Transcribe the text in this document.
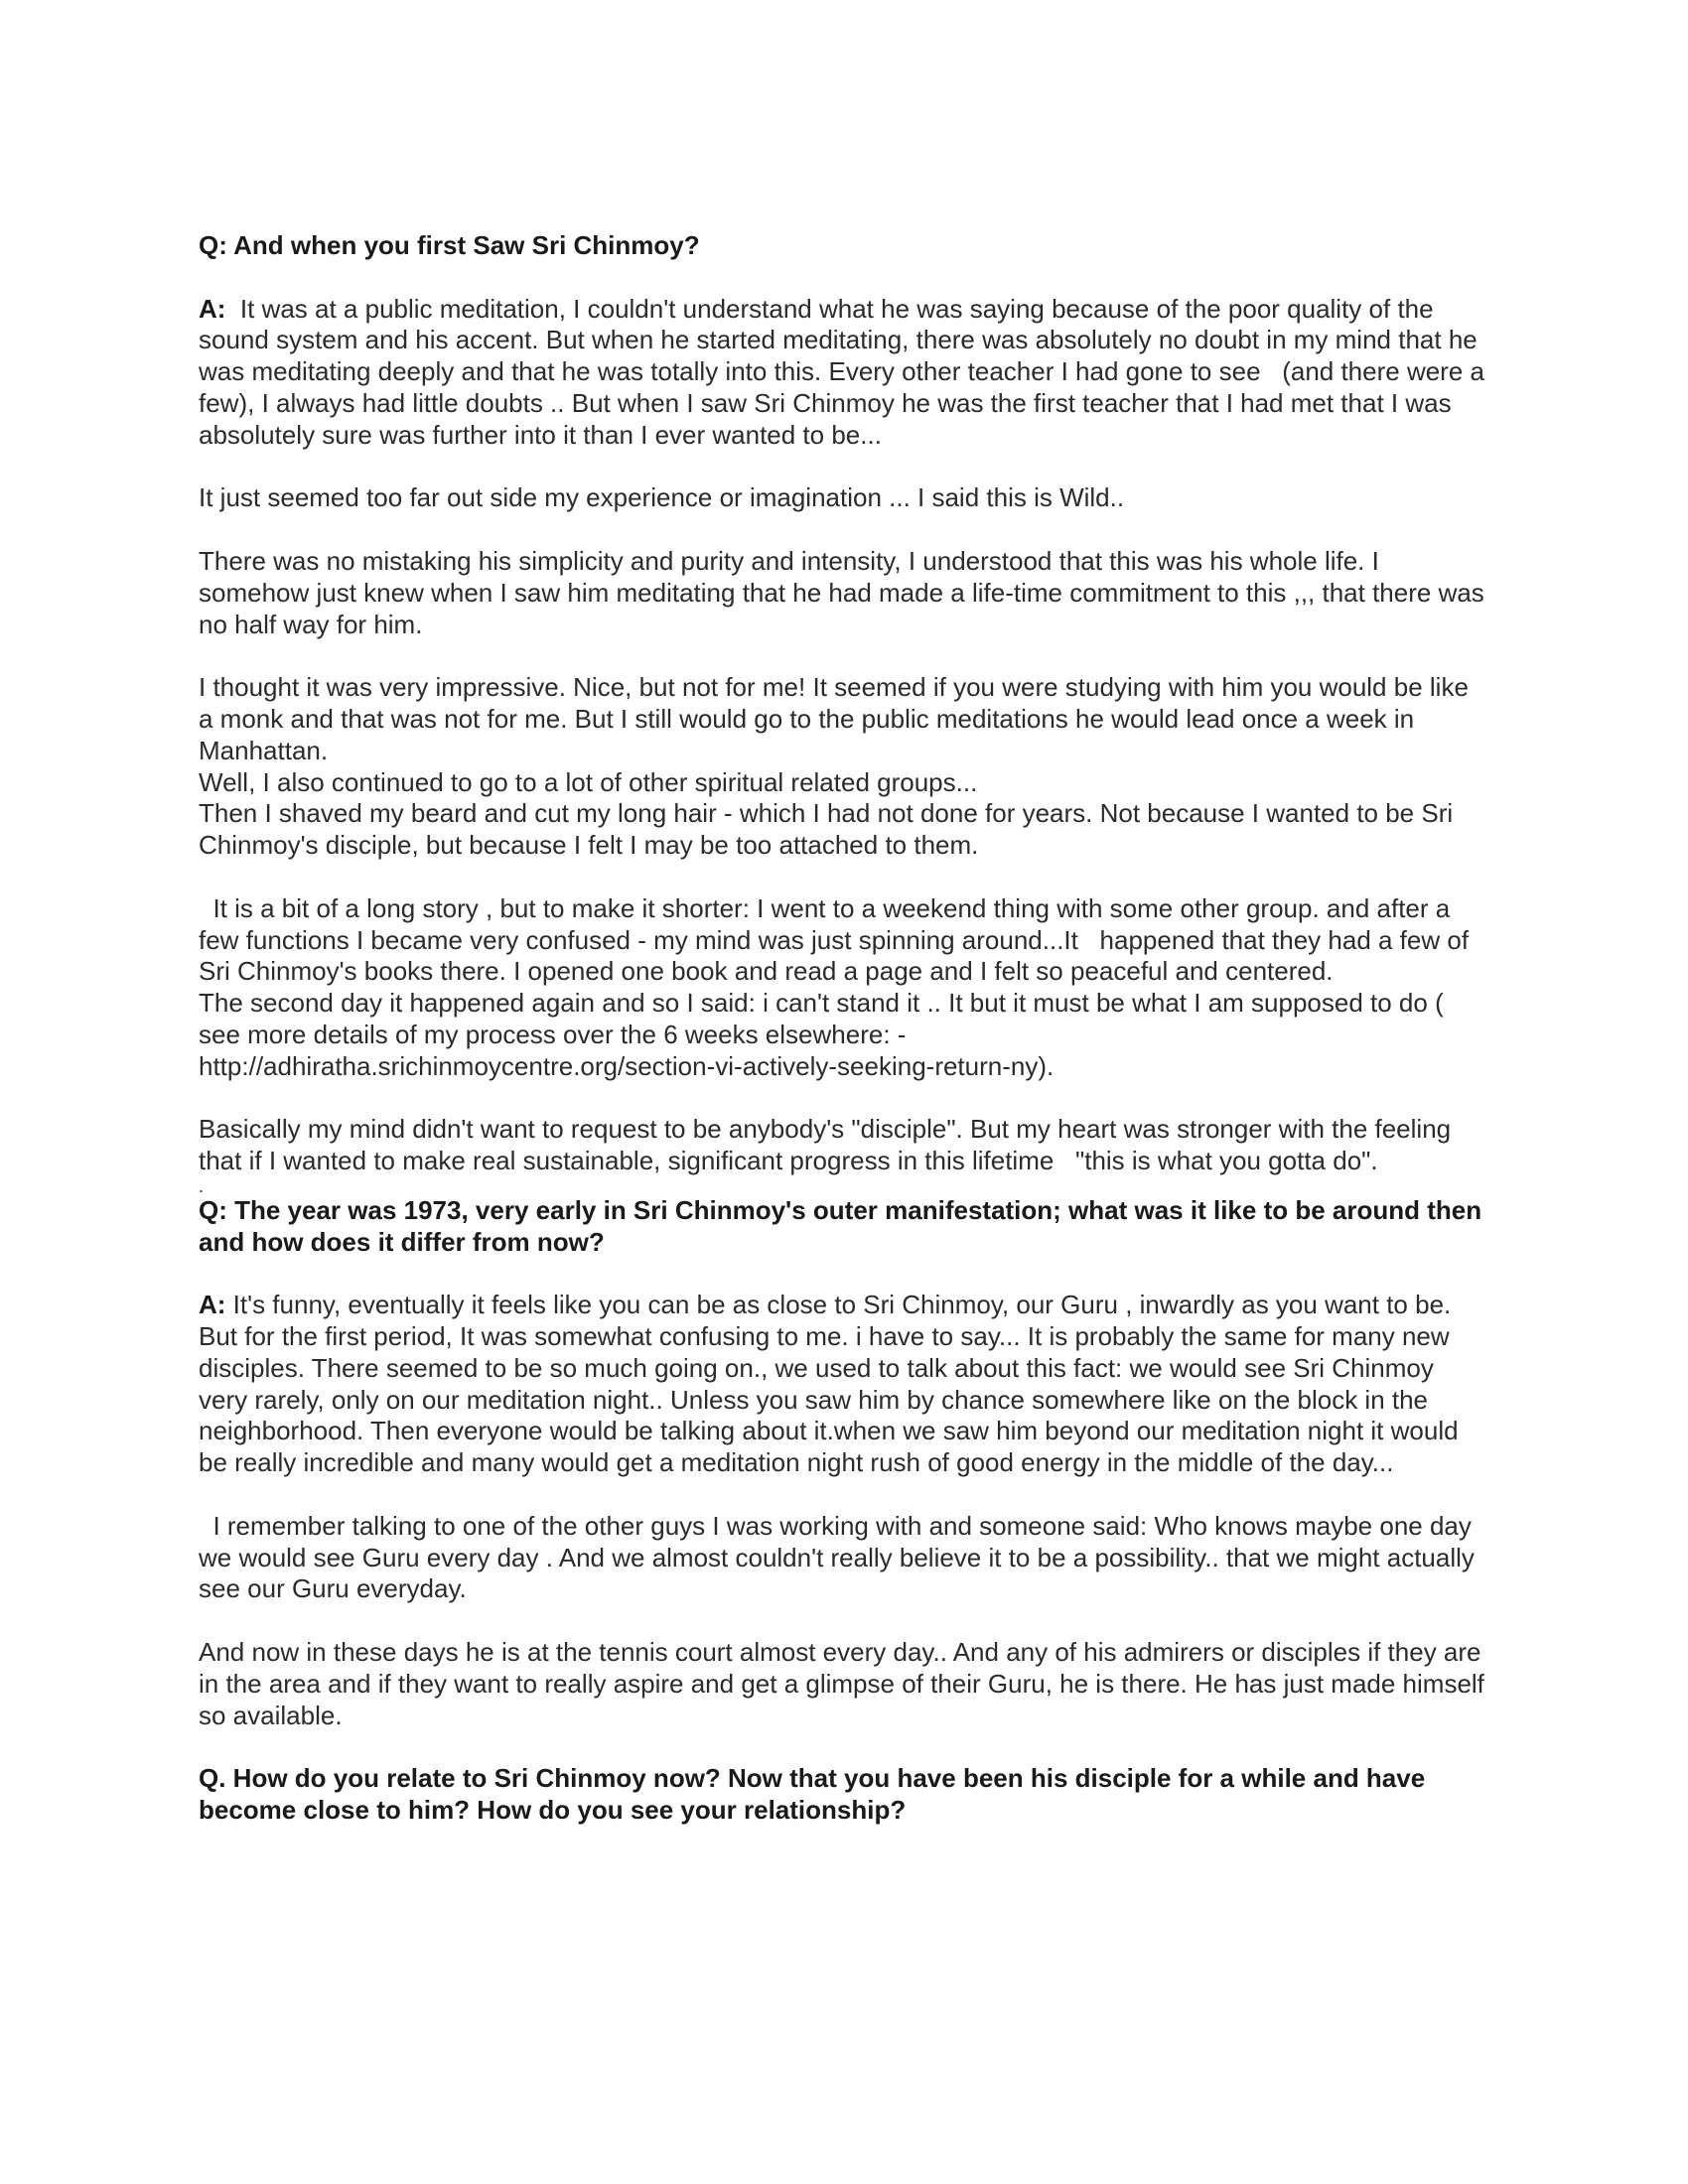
Q: And when you first Saw Sri Chinmoy?

A:  It was at a public meditation, I couldn't understand what he was saying because of the poor quality of the sound system and his accent. But when he started meditating, there was absolutely no doubt in my mind that he was meditating deeply and that he was totally into this. Every other teacher I had gone to see   (and there were a few), I always had little doubts .. But when I saw Sri Chinmoy he was the first teacher that I had met that I was absolutely sure was further into it than I ever wanted to be...

It just seemed too far out side my experience or imagination ... I said this is Wild..

There was no mistaking his simplicity and purity and intensity, I understood that this was his whole life. I somehow just knew when I saw him meditating that he had made a life-time commitment to this ,,, that there was no half way for him.

I thought it was very impressive. Nice, but not for me! It seemed if you were studying with him you would be like a monk and that was not for me. But I still would go to the public meditations he would lead once a week in Manhattan.

Well, I also continued to go to a lot of other spiritual related groups...

Then I shaved my beard and cut my long hair - which I had not done for years. Not because I wanted to be Sri Chinmoy's disciple, but because I felt I may be too attached to them.

It is a bit of a long story , but to make it shorter: I went to a weekend thing with some other group. and after a few functions I became very confused - my mind was just spinning around...It   happened that they had a few of Sri Chinmoy's books there. I opened one book and read a page and I felt so peaceful and centered.

The second day it happened again and so I said: i can't stand it .. It but it must be what I am supposed to do ( see more details of my process over the 6 weeks elsewhere: -

http://adhiratha.srichinmoycentre.org/section-vi-actively-seeking-return-ny).

Basically my mind didn't want to request to be anybody's "disciple". But my heart was stronger with the feeling that if I wanted to make real sustainable, significant progress in this lifetime   "this is what you gotta do".

.

Q: The year was 1973, very early in Sri Chinmoy's outer manifestation; what was it like to be around then and how does it differ from now?

A: It's funny, eventually it feels like you can be as close to Sri Chinmoy, our Guru , inwardly as you want to be. But for the first period, It was somewhat confusing to me. i have to say... It is probably the same for many new disciples. There seemed to be so much going on., we used to talk about this fact: we would see Sri Chinmoy very rarely, only on our meditation night.. Unless you saw him by chance somewhere like on the block in the neighborhood. Then everyone would be talking about it.when we saw him beyond our meditation night it would be really incredible and many would get a meditation night rush of good energy in the middle of the day...

I remember talking to one of the other guys I was working with and someone said: Who knows maybe one day we would see Guru every day . And we almost couldn't really believe it to be a possibility.. that we might actually see our Guru everyday.

And now in these days he is at the tennis court almost every day.. And any of his admirers or disciples if they are in the area and if they want to really aspire and get a glimpse of their Guru, he is there. He has just made himself so available.

Q. How do you relate to Sri Chinmoy now? Now that you have been his disciple for a while and have become close to him? How do you see your relationship?
